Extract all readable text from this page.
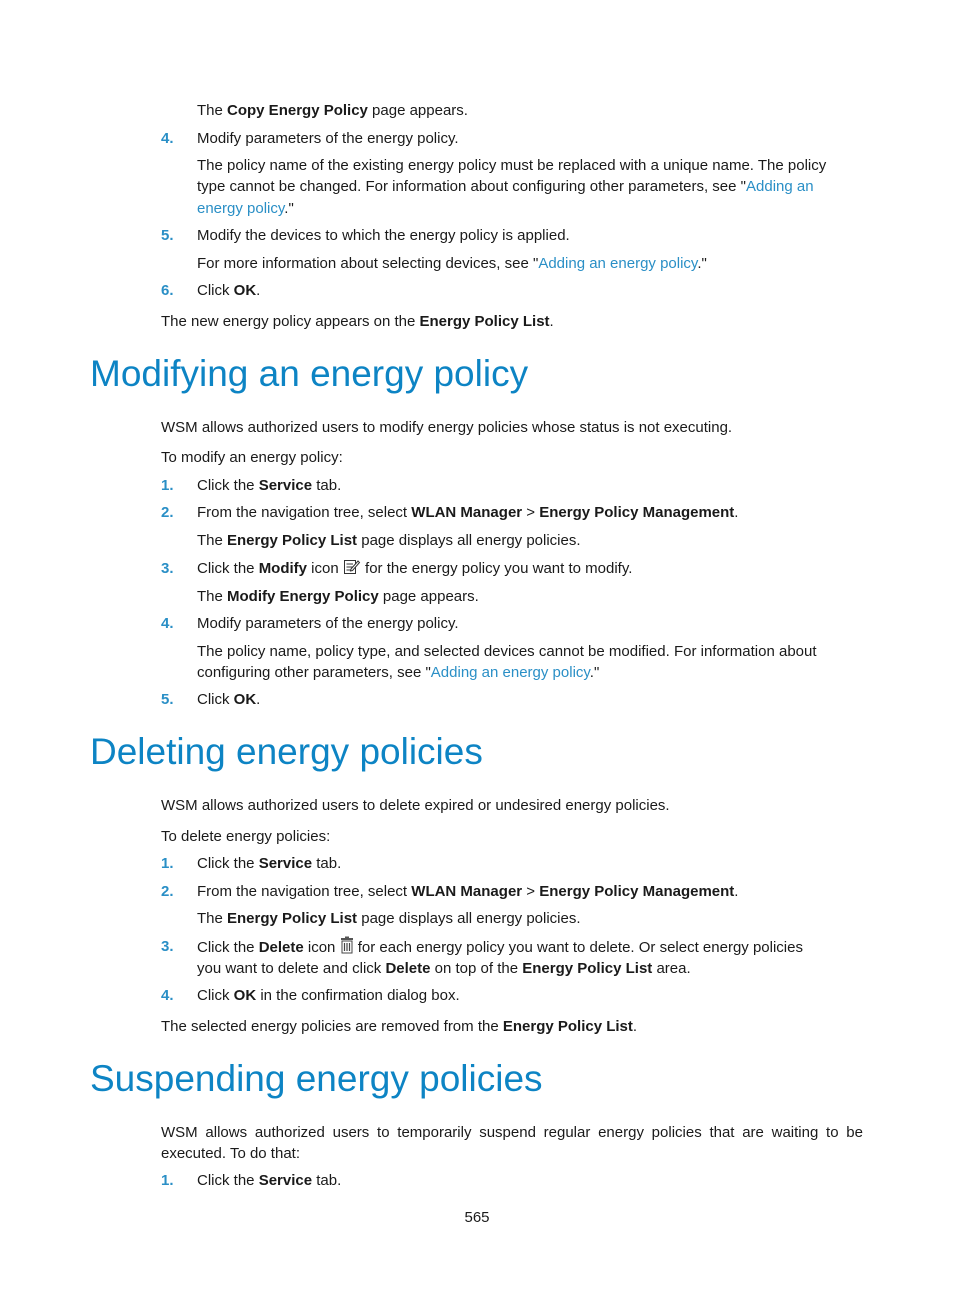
The Copy Energy Policy page appears.
4. Modify parameters of the energy policy.
The policy name of the existing energy policy must be replaced with a unique name. The policy
type cannot be changed. For information about configuring other parameters, see "Adding an
energy policy."
5. Modify the devices to which the energy policy is applied.
For more information about selecting devices, see "Adding an energy policy."
6. Click OK.
The new energy policy appears on the Energy Policy List.
Modifying an energy policy
WSM allows authorized users to modify energy policies whose status is not executing.
To modify an energy policy:
1. Click the Service tab.
2. From the navigation tree, select WLAN Manager > Energy Policy Management.
The Energy Policy List page displays all energy policies.
3. Click the Modify icon  for the energy policy you want to modify.
The Modify Energy Policy page appears.
4. Modify parameters of the energy policy.
The policy name, policy type, and selected devices cannot be modified. For information about
configuring other parameters, see "Adding an energy policy."
5. Click OK.
Deleting energy policies
WSM allows authorized users to delete expired or undesired energy policies.
To delete energy policies:
1. Click the Service tab.
2. From the navigation tree, select WLAN Manager > Energy Policy Management.
The Energy Policy List page displays all energy policies.
3. Click the Delete icon  for each energy policy you want to delete. Or select energy policies
you want to delete and click Delete on top of the Energy Policy List area.
4. Click OK in the confirmation dialog box.
The selected energy policies are removed from the Energy Policy List.
Suspending energy policies
WSM allows authorized users to temporarily suspend regular energy policies that are waiting to be
executed. To do that:
1. Click the Service tab.
565
